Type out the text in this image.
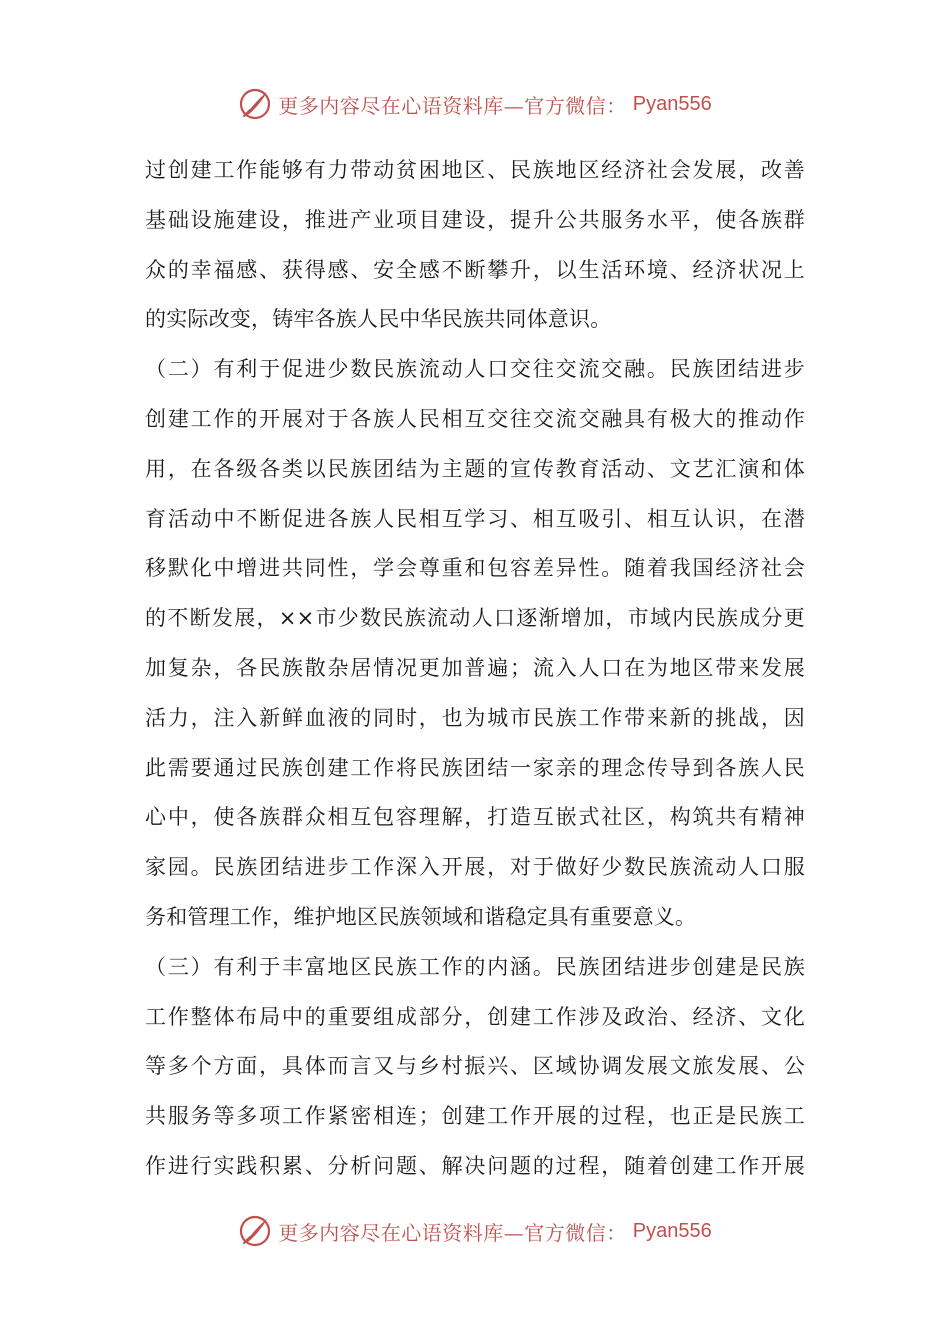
更多内容尽在心语资料库—官方微信： Pyan556
过创建工作能够有力带动贫困地区、民族地区经济社会发展，改善
基础设施建设，推进产业项目建设，提升公共服务水平，使各族群
众的幸福感、获得感、安全感不断攀升，以生活环境、经济状况上
的实际改变，铸牢各族人民中华民族共同体意识。
（二）有利于促进少数民族流动人口交往交流交融。民族团结进步
创建工作的开展对于各族人民相互交往交流交融具有极大的推动作
用，在各级各类以民族团结为主题的宣传教育活动、文艺汇演和体
育活动中不断促进各族人民相互学习、相互吸引、相互认识，在潜
移默化中增进共同性，学会尊重和包容差异性。随着我国经济社会
的不断发展，××市少数民族流动人口逐渐增加，市域内民族成分更
加复杂，各民族散杂居情况更加普遍；流入人口在为地区带来发展
活力，注入新鲜血液的同时，也为城市民族工作带来新的挑战，因
此需要通过民族创建工作将民族团结一家亲的理念传导到各族人民
心中，使各族群众相互包容理解，打造互嵌式社区，构筑共有精神
家园。民族团结进步工作深入开展，对于做好少数民族流动人口服
务和管理工作，维护地区民族领域和谐稳定具有重要意义。
（三）有利于丰富地区民族工作的内涵。民族团结进步创建是民族
工作整体布局中的重要组成部分，创建工作涉及政治、经济、文化
等多个方面，具体而言又与乡村振兴、区域协调发展文旅发展、公
共服务等多项工作紧密相连；创建工作开展的过程，也正是民族工
作进行实践积累、分析问题、解决问题的过程，随着创建工作开展
更多内容尽在心语资料库—官方微信： Pyan556
